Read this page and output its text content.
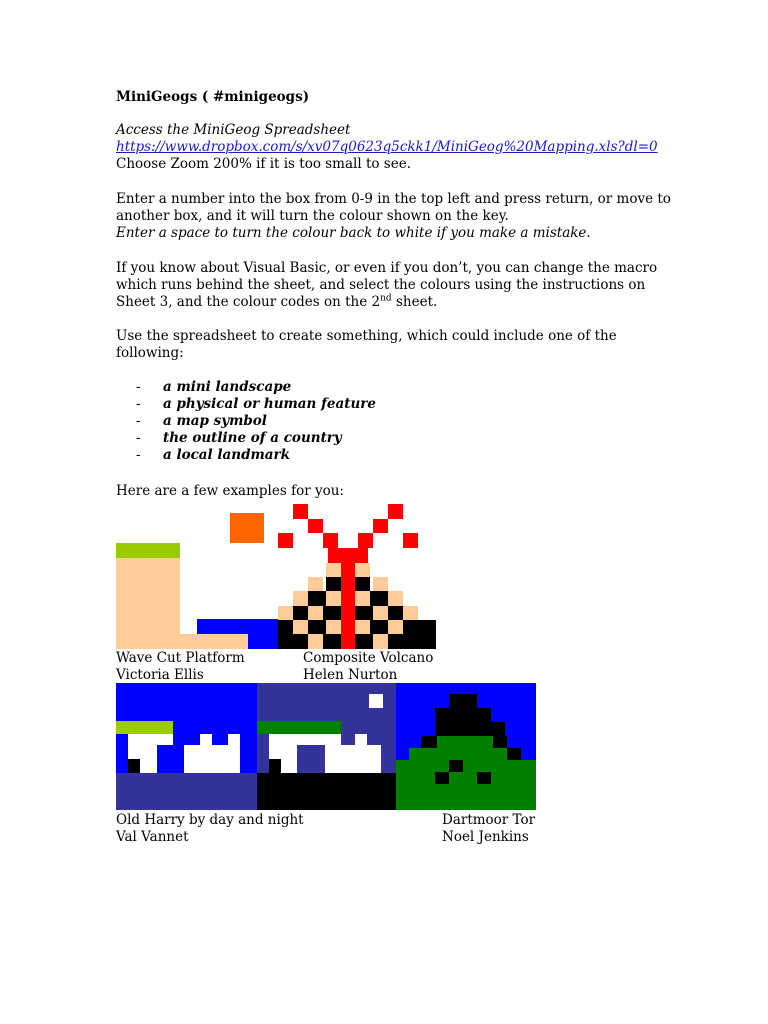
MiniGeogs ( #minigeogs)
Access the MiniGeog Spreadsheet
https://www.dropbox.com/s/xv07q0623q5ckk1/MiniGeog%20Mapping.xls?dl=0
Choose Zoom 200% if it is too small to see.
Enter a number into the box from 0-9 in the top left and press return, or move to
another box, and it will turn the colour shown on the key.
Enter a space to turn the colour back to white if you make a mistake.
If you know about Visual Basic, or even if you don’t, you can change the macro
which runs behind the sheet, and select the colours using the instructions on
Sheet 3, and the colour codes on the 2nd sheet.
Use the spreadsheet to create something, which could include one of the
following:
- a mini landscape
- a physical or human feature
- a map symbol
- the outline of a country
- a local landmark
Here are a few examples for you:
Wave Cut Platform
Victoria Ellis
Composite Volcano
Helen Nurton
Old Harry by day and night
Val Vannet
Dartmoor Tor
Noel Jenkins
